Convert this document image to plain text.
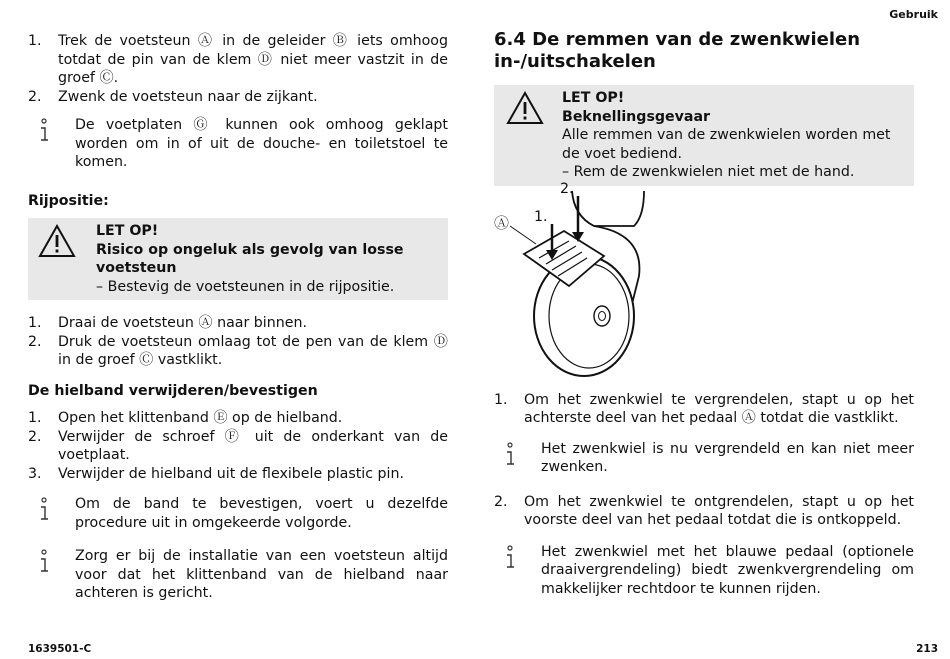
Gebruik
1639501-C	213
1. Trek de voetsteun Ⓐ in de geleider Ⓑ iets omhoog totdat de pin van de klem Ⓓ niet meer vastzit in de groef Ⓒ.
2. Zwenk de voetsteun naar de zijkant.
De voetplaten Ⓖ kunnen ook omhoog geklapt worden om in of uit de douche- en toiletstoel te komen.

Rijpositie:

LET OP!
Risico op ongeluk als gevolg van losse voetsteun
– Bestevig de voetsteunen in de rijpositie.
1. Draai de voetsteun Ⓐ naar binnen.
2. Druk de voetsteun omlaag tot de pen van de klem Ⓓ in de groef Ⓒ vastklikt.

De hielband verwijderen/bevestigen

1. Open het klittenband Ⓔ op de hielband.
2. Verwijder de schroef Ⓕ uit de onderkant van de voetplaat.
3. Verwijder de hielband uit de flexibele plastic pin.
Om de band te bevestigen, voert u dezelfde procedure uit in omgekeerde volgorde.
Zorg er bij de installatie van een voetsteun altijd voor dat het klittenband van de hielband naar achteren is gericht.

6.4 De remmen van de zwenkwielen in-/uitschakelen

LET OP!
Beknellingsgevaar
Alle remmen van de zwenkwielen worden met de voet bediend.
– Rem de zwenkwielen niet met de hand.
Ⓐ 1.
2.
1. Om het zwenkwiel te vergrendelen, stapt u op het achterste deel van het pedaal Ⓐ totdat die vastklikt.
Het zwenkwiel is nu vergrendeld en kan niet meer zwenken.
2. Om het zwenkwiel te ontgrendelen, stapt u op het voorste deel van het pedaal totdat die is ontkoppeld.
Het zwenkwiel met het blauwe pedaal (optionele draaivergrendeling) biedt zwenkvergrendeling om makkelijker rechtdoor te kunnen rijden.
